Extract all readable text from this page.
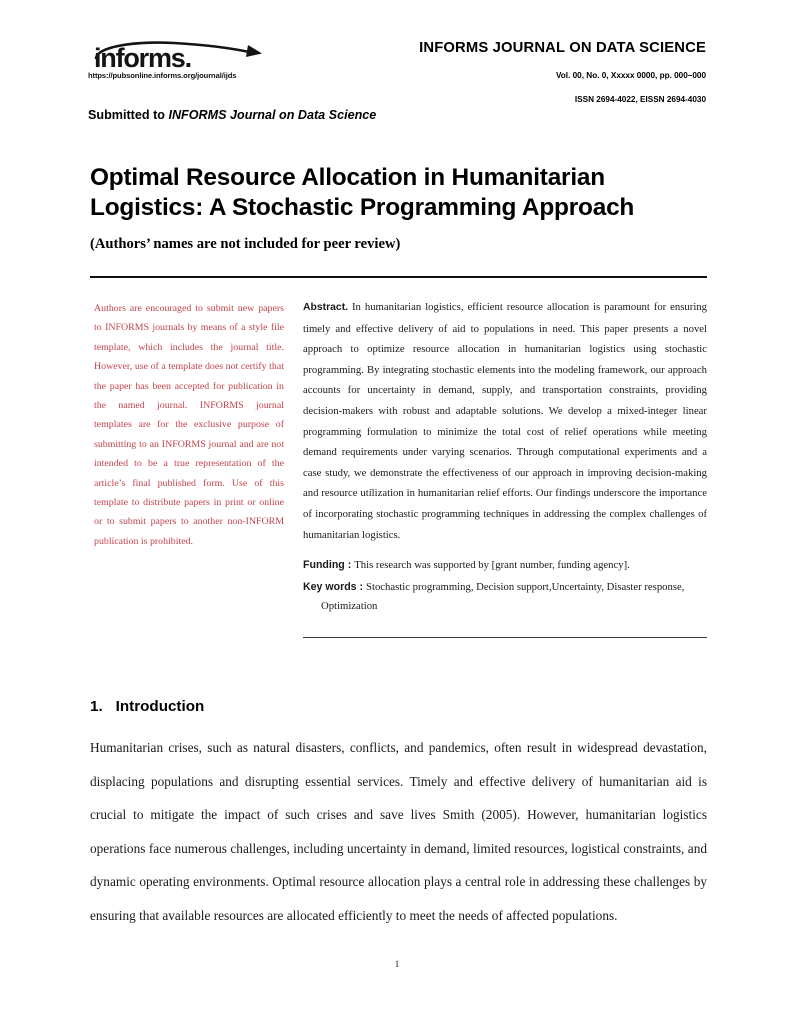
informs.
https://pubsonline.informs.org/journal/ijds
Submitted to INFORMS Journal on Data Science
INFORMS JOURNAL ON DATA SCIENCE
Vol. 00, No. 0, Xxxxx 0000, pp. 000–000
ISSN 2694-4022, EISSN 2694-4030
Optimal Resource Allocation in Humanitarian Logistics: A Stochastic Programming Approach
(Authors’ names are not included for peer review)
Authors are encouraged to submit new papers to INFORMS journals by means of a style file template, which includes the journal title. However, use of a template does not certify that the paper has been accepted for publication in the named journal. INFORMS journal templates are for the exclusive purpose of submitting to an INFORMS journal and are not intended to be a true representation of the article’s final published form. Use of this template to distribute papers in print or online or to submit papers to another non-INFORM publication is prohibited.

Abstract. In humanitarian logistics, efficient resource allocation is paramount for ensuring timely and effective delivery of aid to populations in need. This paper presents a novel approach to optimize resource allocation in humanitarian logistics using stochastic programming. By integrating stochastic elements into the modeling framework, our approach accounts for uncertainty in demand, supply, and transportation constraints, providing decision-makers with robust and adaptable solutions. We develop a mixed-integer linear programming formulation to minimize the total cost of relief operations while meeting demand requirements under varying scenarios. Through computational experiments and a case study, we demonstrate the effectiveness of our approach in improving decision-making and resource utilization in humanitarian relief efforts. Our findings underscore the importance of incorporating stochastic programming techniques in addressing the complex challenges of humanitarian logistics.

Funding : This research was supported by [grant number, funding agency].
Key words : Stochastic programming, Decision support,Uncertainty, Disaster response, Optimization
1. Introduction

Humanitarian crises, such as natural disasters, conflicts, and pandemics, often result in widespread devastation, displacing populations and disrupting essential services. Timely and effective delivery of humanitarian aid is crucial to mitigate the impact of such crises and save lives Smith (2005). However, humanitarian logistics operations face numerous challenges, including uncertainty in demand, limited resources, logistical constraints, and dynamic operating environments. Optimal resource allocation plays a central role in addressing these challenges by ensuring that available resources are allocated efficiently to meet the needs of affected populations.

1
